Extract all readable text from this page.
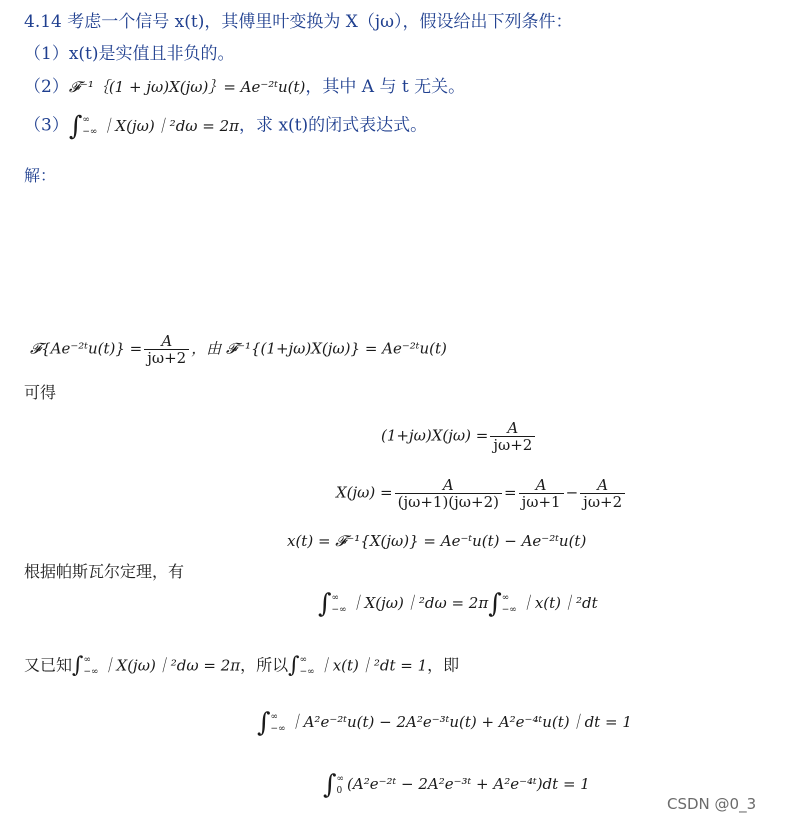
4.14 考虑一个信号 x(t)，其傅里叶变换为 X（jω），假设给出下列条件：
（1）x(t)是实值且非负的。
（2）𝓕⁻¹｛(1 + jω)X(jω)｝= Ae⁻²ᵗu(t)，其中 A 与 t 无关。
（3）∫ ∞
−∞ ｜X(jω)｜²dω = 2π，求 x(t)的闭式表达式。
解：
𝓕{Ae⁻²ᵗu(t)} = $\frac{A}{j\omega+2}$ ，由 𝓕⁻¹{(1+jω)X(jω)} = Ae⁻²ᵗu(t)
可得
$(1+j\omega)X(j\omega) = \frac{A}{j\omega+2}$
$X(j\omega) = \frac{A}{(j\omega+1)(j\omega+2)} = \frac{A}{j\omega+1} - \frac{A}{j\omega+2}$
x(t) = 𝓕⁻¹{X(jω)} = Ae⁻ᵗu(t) − Ae⁻²ᵗu(t)
根据帕斯瓦尔定理，有
∫ ∞
−∞ ｜X(jω)｜²dω = 2π∫ ∞
−∞ ｜x(t)｜²dt
又已知∫ ∞
−∞ ｜X(jω)｜²dω = 2π，所以∫ ∞
−∞ ｜x(t)｜²dt = 1，即
∫ ∞
−∞ ｜A²e⁻²ᵗu(t) − 2A²e⁻³ᵗu(t) + A²e⁻⁴ᵗu(t)｜dt = 1
∫ ∞
0 (A²e⁻²ᵗ − 2A²e⁻³ᵗ + A²e⁻⁴ᵗ)dt = 1
CSDN @0_3
